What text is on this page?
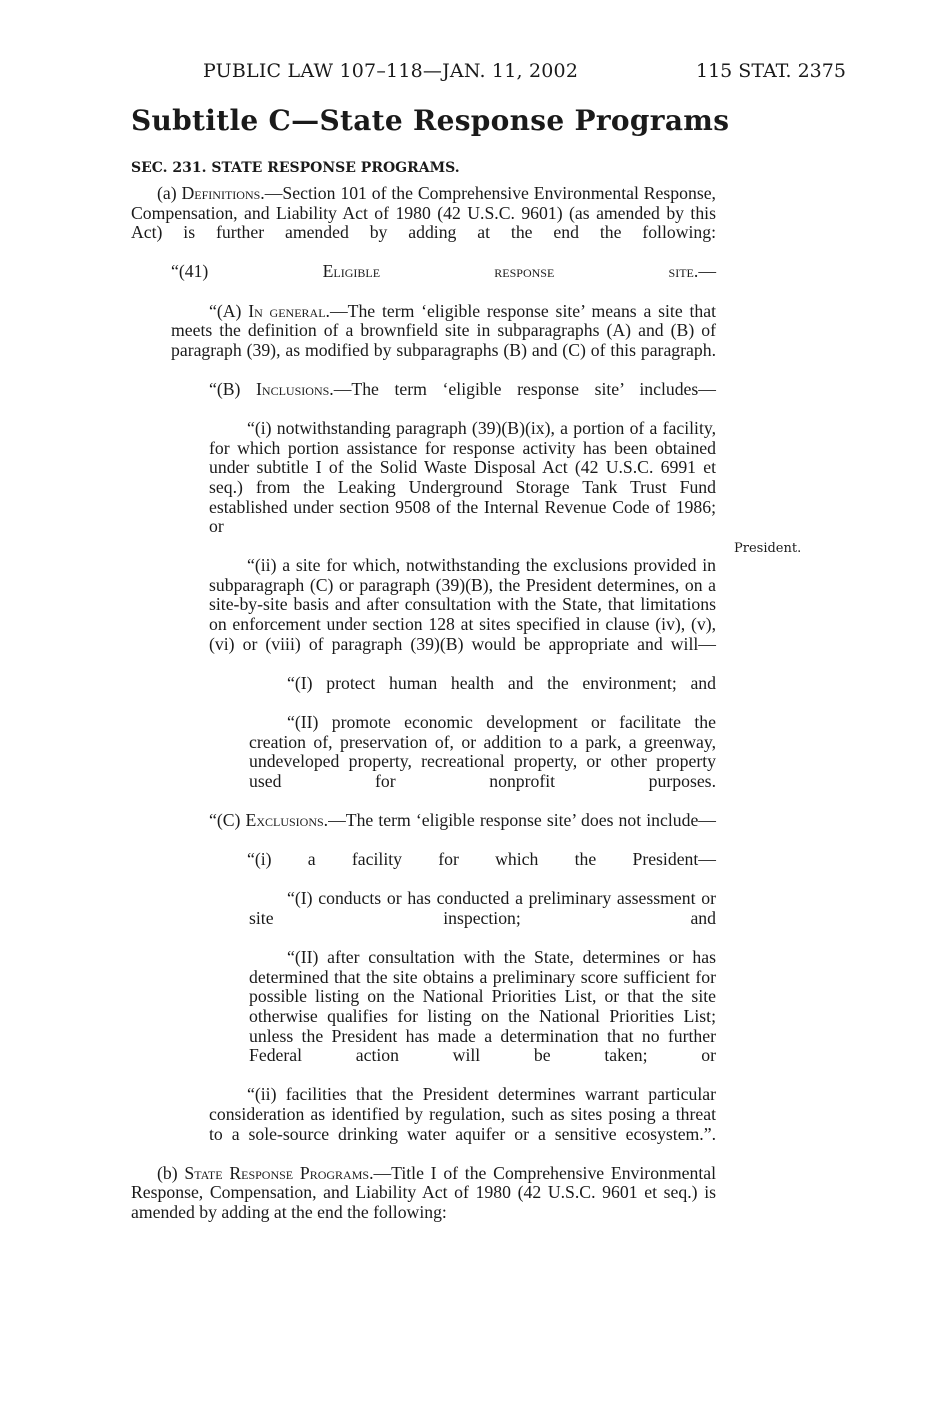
PUBLIC LAW 107–118—JAN. 11, 2002	115 STAT. 2375
Subtitle C—State Response Programs
SEC. 231. STATE RESPONSE PROGRAMS.
President.

(a) Definitions.—Section 101 of the Comprehensive Environmental Response, Compensation, and Liability Act of 1980 (42 U.S.C. 9601) (as amended by this Act) is further amended by adding at the end the following:

“(41) Eligible response site.—

“(A) In general.—The term ‘eligible response site’ means a site that meets the definition of a brownfield site in subparagraphs (A) and (B) of paragraph (39), as modified by subparagraphs (B) and (C) of this paragraph.

“(B) Inclusions.—The term ‘eligible response site’ includes—

“(i) notwithstanding paragraph (39)(B)(ix), a portion of a facility, for which portion assistance for response activity has been obtained under subtitle I of the Solid Waste Disposal Act (42 U.S.C. 6991 et seq.) from the Leaking Underground Storage Tank Trust Fund established under section 9508 of the Internal Revenue Code of 1986; or

“(ii) a site for which, notwithstanding the exclusions provided in subparagraph (C) or paragraph (39)(B), the President determines, on a site-by-site basis and after consultation with the State, that limitations on enforcement under section 128 at sites specified in clause (iv), (v), (vi) or (viii) of paragraph (39)(B) would be appropriate and will—

“(I) protect human health and the environment; and

“(II) promote economic development or facilitate the creation of, preservation of, or addition to a park, a greenway, undeveloped property, recreational property, or other property used for nonprofit purposes.

“(C) Exclusions.—The term ‘eligible response site’ does not include—

“(i) a facility for which the President—

“(I) conducts or has conducted a preliminary assessment or site inspection; and

“(II) after consultation with the State, determines or has determined that the site obtains a preliminary score sufficient for possible listing on the National Priorities List, or that the site otherwise qualifies for listing on the National Priorities List; unless the President has made a determination that no further Federal action will be taken; or

“(ii) facilities that the President determines warrant particular consideration as identified by regulation, such as sites posing a threat to a sole-source drinking water aquifer or a sensitive ecosystem.”.

(b) State Response Programs.—Title I of the Comprehensive Environmental Response, Compensation, and Liability Act of 1980 (42 U.S.C. 9601 et seq.) is amended by adding at the end the following:
